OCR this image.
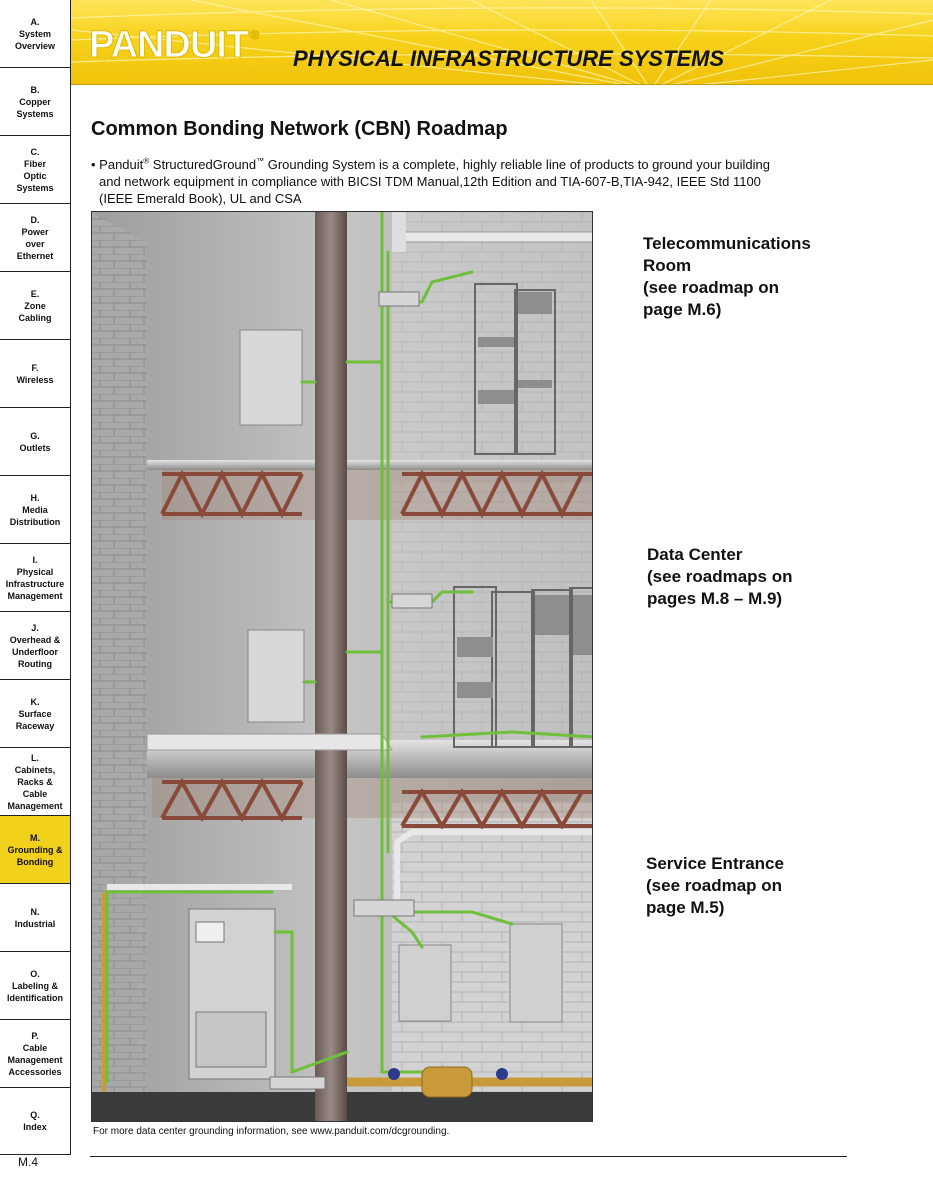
A.
System
Overview
B.
Copper
Systems
C.
Fiber
Optic
Systems
D.
Power
over
Ethernet
E.
Zone
Cabling
F.
Wireless
G.
Outlets
H.
Media
Distribution
I.
Physical
Infrastructure
Management
J.
Overhead &
Underfloor
Routing
K.
Surface
Raceway
L.
Cabinets,
Racks &
Cable
Management
M.
Grounding &
Bonding
N.
Industrial
O.
Labeling &
Identification
P.
Cable
Management
Accessories
Q.
Index
M.4
PANDUIT ®
PHYSICAL INFRASTRUCTURE SYSTEMS
Common Bonding Network (CBN) Roadmap
• Panduit® StructuredGround™ Grounding System is a complete, highly reliable line of products to ground your building
and network equipment in compliance with BICSI TDM Manual,12th Edition and TIA-607-B,TIA-942, IEEE Std 1100
(IEEE Emerald Book), UL and CSA
Telecommunications
Room
(see roadmap on
page M.6)
Data Center
(see roadmaps on
pages M.8 – M.9)
Service Entrance
(see roadmap on
page M.5)
For more data center grounding information, see www.panduit.com/dcgrounding.
